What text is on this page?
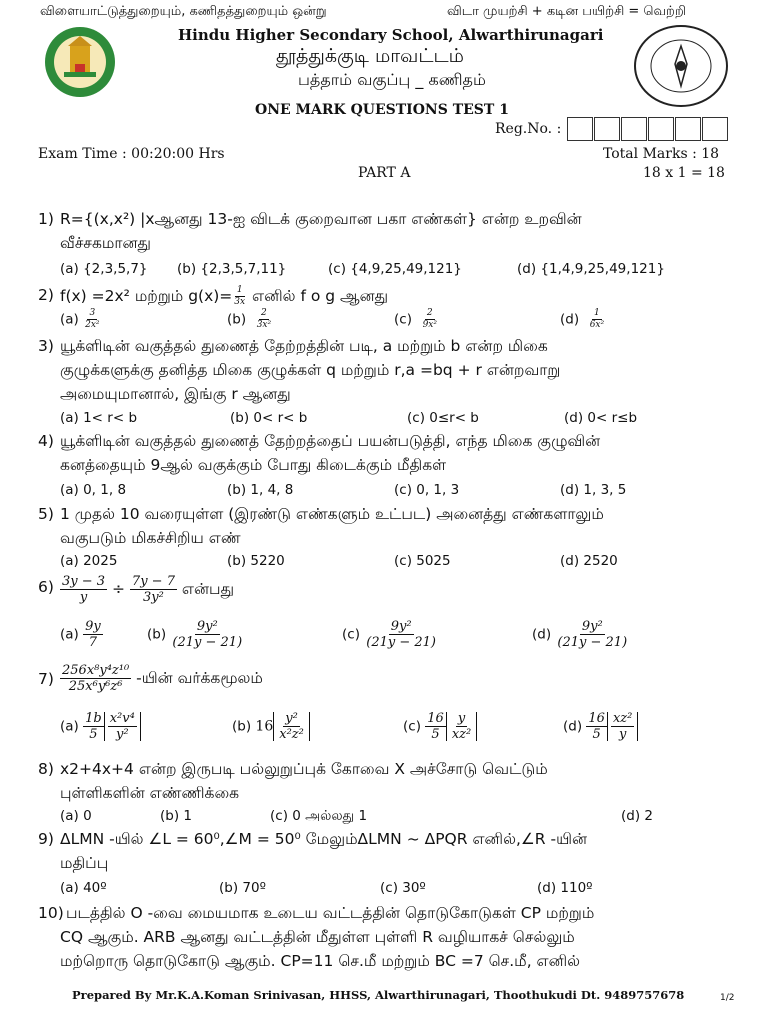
விளையாட்டுத்துறையும், கணிதத்துறையும் ஒன்று	விடா முயற்சி + கடின பயிற்சி = வெற்றி
Hindu Higher Secondary School, Alwarthirunagari
தூத்துக்குடி மாவட்டம்
பத்தாம் வகுப்பு _ கணிதம்
ONE MARK QUESTIONS TEST 1
Reg.No. :
Exam Time : 00:20:00 Hrs	Total Marks : 18
PART A	18 x 1 = 18
1) R={(x,x²) |xஆனது 13-ஐ விடக் குறைவான பகா எண்கள்} என்ற உறவின்
வீச்சகமானது
(a) {2,3,5,7} (b) {2,3,5,7,11}	(c) {4,9,25,49,121}	(d) {1,4,9,25,49,121}
2) f(x) =2x² மற்றும் $g(x)= \frac{1}{3x}$ எனில் f o g ஆனது
$(a) \frac{3}{\text{2x²}}$	$(b) \frac{2}{\text{3x²}}$	$(c) \frac{2}{\text{9x²}}$	$(d) \frac{1}{\text{6x²}}$
3) யூக்ளிடின் வகுத்தல் துணைத் தேற்றத்தின் படி, a மற்றும் b என்ற மிகை
குழுக்களுக்கு தனித்த மிகை குழுக்கள் q மற்றும் r,a =bq + r என்றவாறு
அமையுமானால், இங்கு r ஆனது
(a) 1< r< b	(b) 0< r< b	(c) 0≤r< b	(d) 0< r≤b
4) யூக்ளிடின் வகுத்தல் துணைத் தேற்றத்தைப் பயன்படுத்தி, எந்த மிகை குழுவின்
கனத்தையும் 9ஆல் வகுக்கும் போது கிடைக்கும் மீதிகள்
(a) 0, 1, 8	(b) 1, 4, 8	(c) 0, 1, 3	(d) 1, 3, 5
5) 1 முதல் 10 வரையுள்ள (இரண்டு எண்களும் உட்பட) அனைத்து எண்களாலும்
வகுபடும் மிகச்சிறிய எண்
(a) 2025	(b) 5220	(c) 5025	(d) 2520
$6) \frac{3y - 3}{y} \div \frac{7y - 7}{\text{3y²}}$ என்பது
$(a) \frac{9y}{7}$	$(b) \frac{\text{9y²}}{(21y - 21)}$	$(c) \frac{\text{9y²}}{(21y - 21)}$	$(d) \frac{\text{9y²}}{(21y - 21)}$
$7) \frac{\text{256x⁸y⁴z¹⁰}}{\text{25x⁶y⁶z⁶}}$ -யின் வர்க்கமூலம்
$(a) \frac{1b}{5} \frac{\text{x²v⁴}}{\text{y²}}$	(b) $16 \frac{\text{y²}}{\text{x²z²}}$	$(c) \frac{16}{5} \frac{y}{\text{xz²}}$	$(d) \frac{16}{5} \frac{\text{xz²}}{y}$
8) x2+4x+4 என்ற இருபடி பல்லுறுப்புக் கோவை X அச்சோடு வெட்டும்
புள்ளிகளின் எண்ணிக்கை
(a) 0	(b) 1	(c) 0 அல்லது 1	(d) 2
9) ΔLMN -யில் ∠L = 60⁰,∠M = 50⁰ மேலும்ΔLMN ~ ΔPQR எனில்,∠R -யின்
மதிப்பு
(a) 40º	(b) 70º	(c) 30º	(d) 110º
10) படத்தில் O -வை மையமாக உடைய வட்டத்தின் தொடுகோடுகள் CP மற்றும்
CQ ஆகும். ARB ஆனது வட்டத்தின் மீதுள்ள புள்ளி R வழியாகச் செல்லும்
மற்றொரு தொடுகோடு ஆகும். CP=11 செ.மீ மற்றும் BC =7 செ.மீ, எனில்
Prepared By Mr.K.A.Koman Srinivasan, HHSS, Alwarthirunagari, Thoothukudi Dt. 9489757678	1/2
